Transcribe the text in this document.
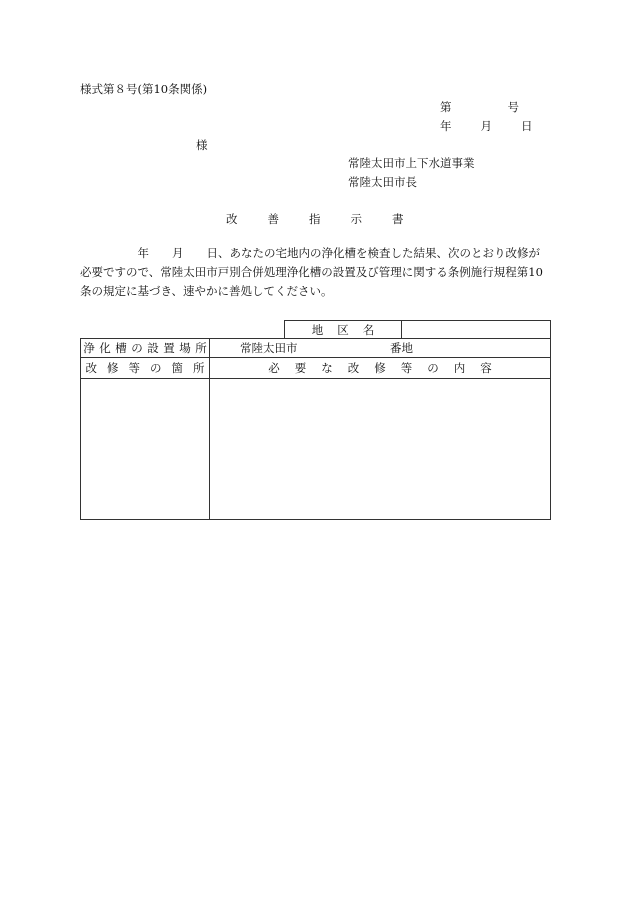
様式第８号(第10条関係)
第　　　　号
年　　月　　日
様
常陸太田市上下水道事業
常陸太田市長
改善指示書

　　　　　年　　月　　日、あなたの宅地内の浄化槽を検査した結果、次のとおり改修が

必要ですので、常陸太田市戸別合併処理浄化槽の設置及び管理に関する条例施行規程第10

条の規定に基づき、速やかに善処してください。

地区名
浄化槽の設置場所	常陸太田市	番地
改修等の箇所	必要な改修等の内容
